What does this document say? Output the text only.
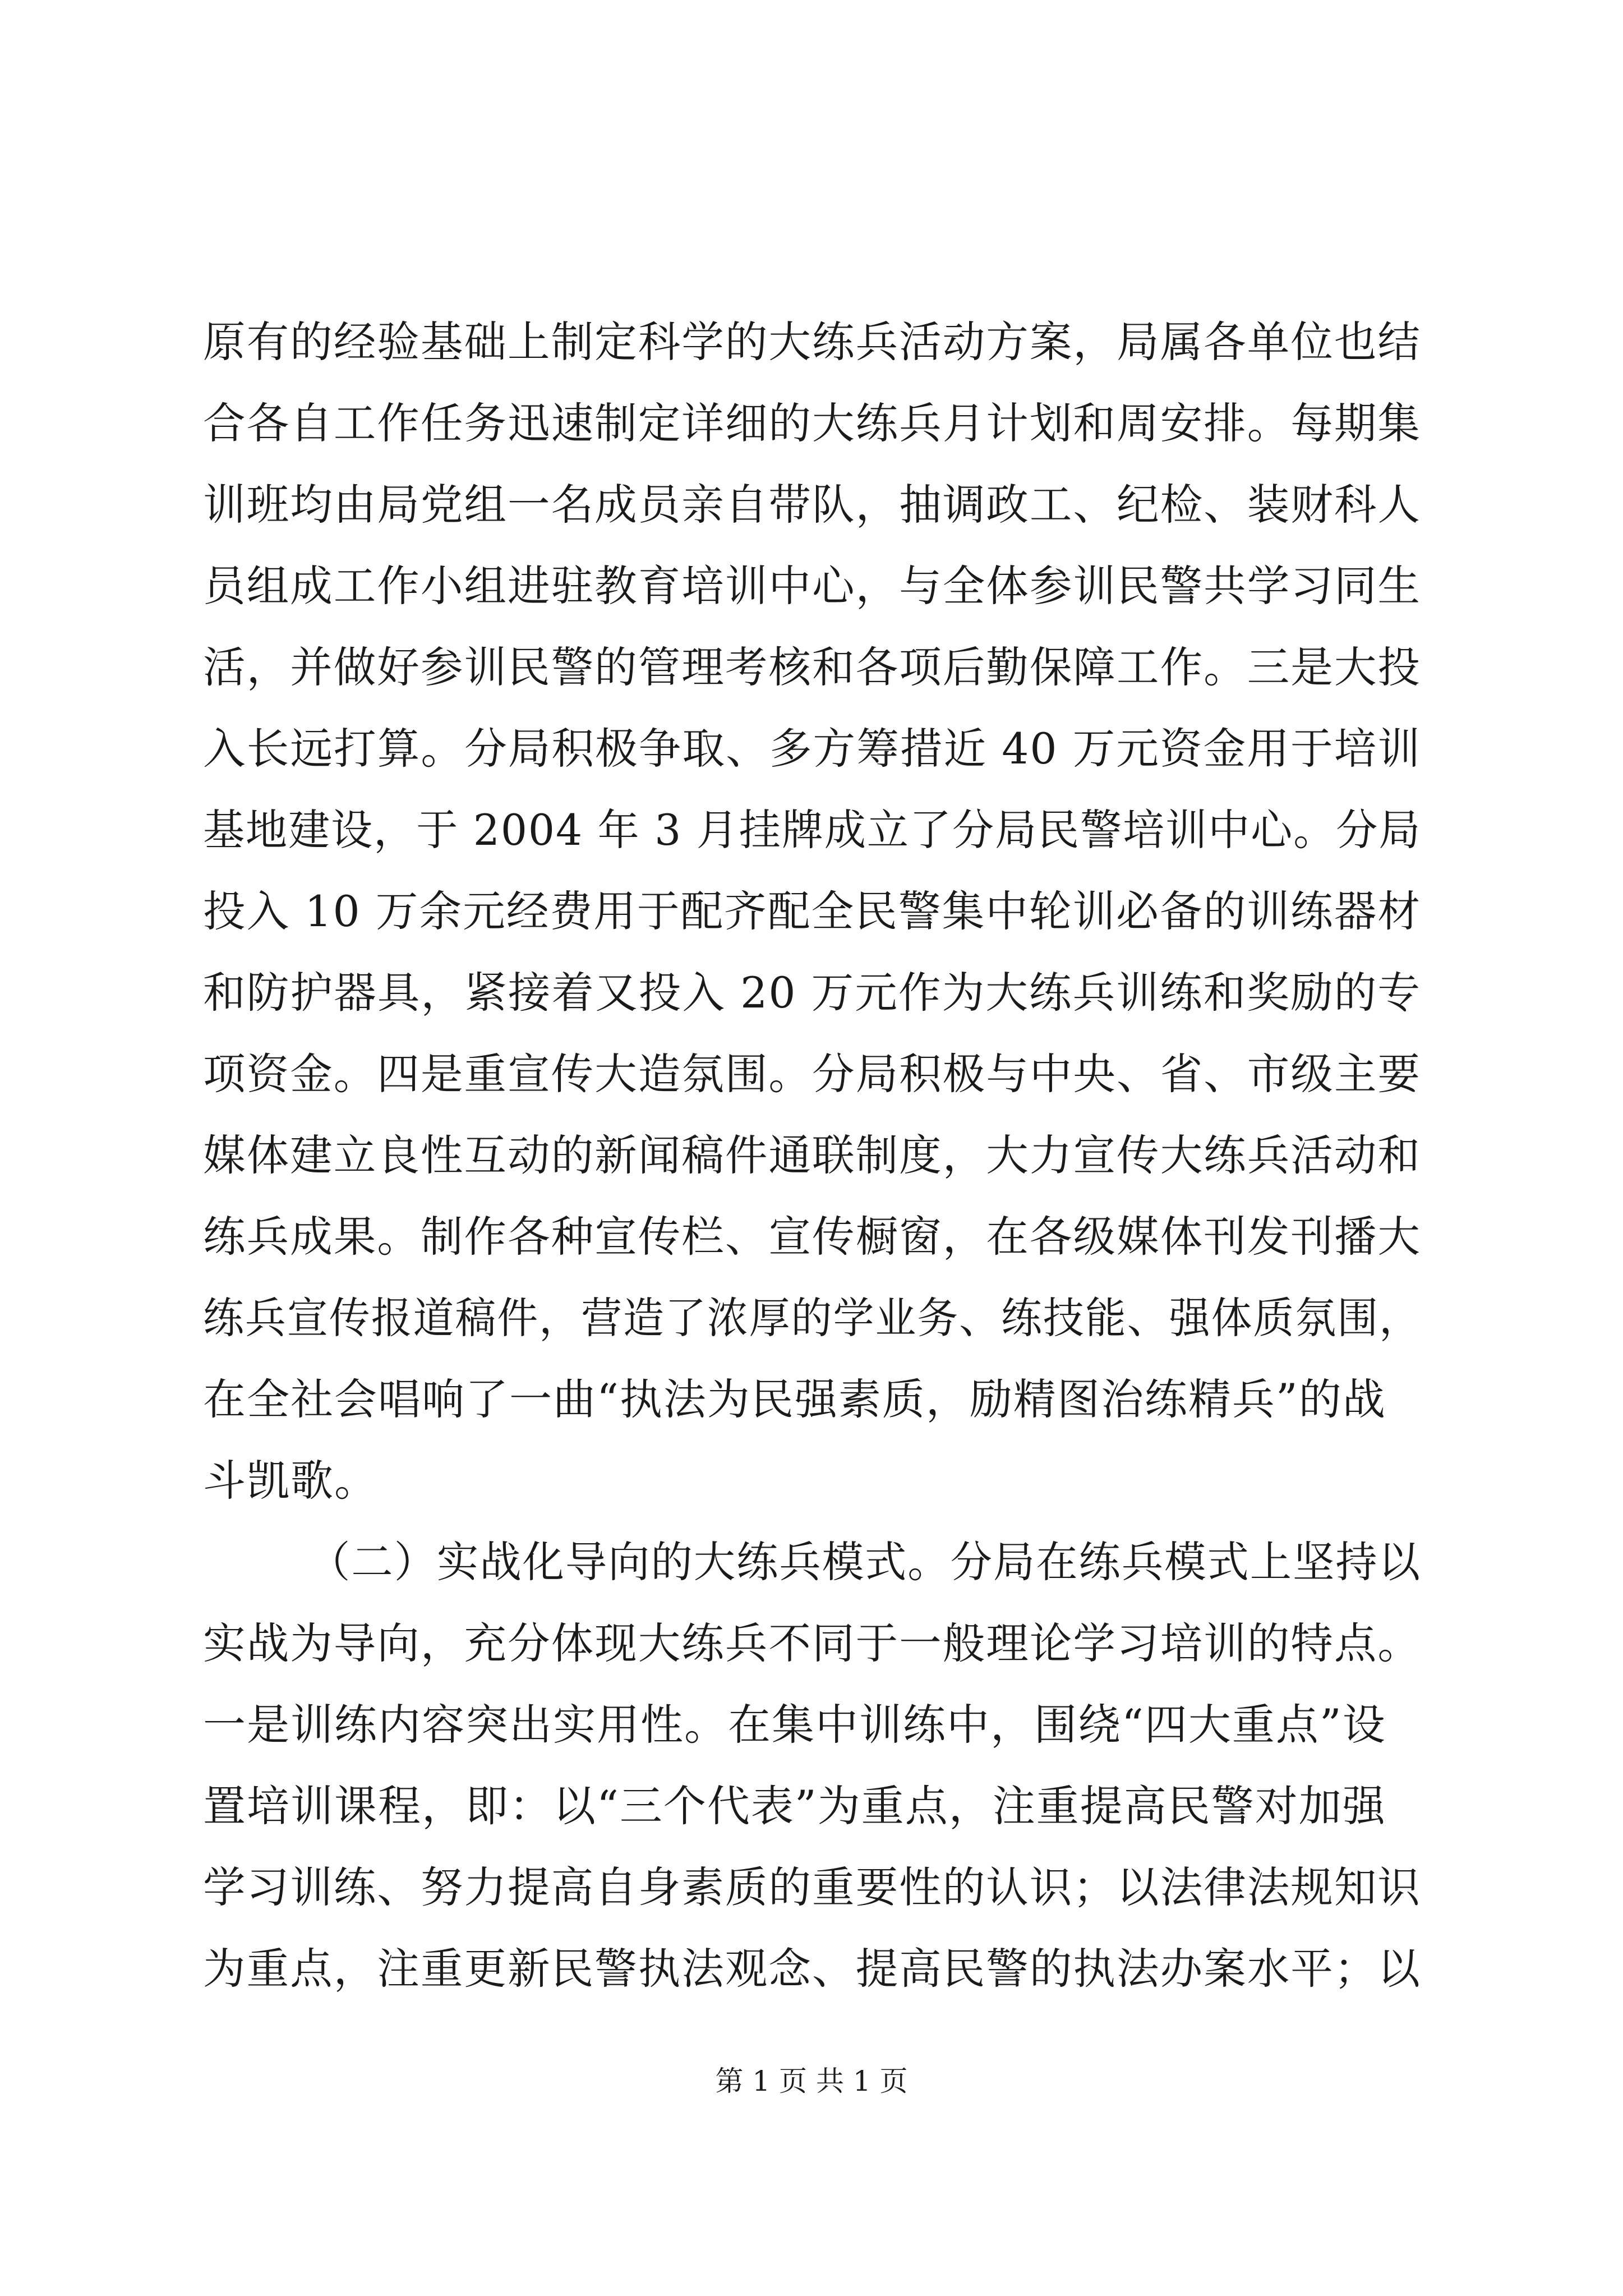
原有的经验基础上制定科学的大练兵活动方案，局属各单位也结
合各自工作任务迅速制定详细的大练兵月计划和周安排。每期集
训班均由局党组一名成员亲自带队，抽调政工、纪检、装财科人
员组成工作小组进驻教育培训中心，与全体参训民警共学习同生
活，并做好参训民警的管理考核和各项后勤保障工作。三是大投
入长远打算。分局积极争取、多方筹措近 40 万元资金用于培训
基地建设，于 2004 年 3 月挂牌成立了分局民警培训中心。分局
投入 10 万余元经费用于配齐配全民警集中轮训必备的训练器材
和防护器具，紧接着又投入 20 万元作为大练兵训练和奖励的专
项资金。四是重宣传大造氛围。分局积极与中央、省、市级主要
媒体建立良性互动的新闻稿件通联制度，大力宣传大练兵活动和
练兵成果。制作各种宣传栏、宣传橱窗，在各级媒体刊发刊播大
练兵宣传报道稿件，营造了浓厚的学业务、练技能、强体质氛围，
在全社会唱响了一曲“执法为民强素质，励精图治练精兵”的战
斗凯歌。
（二）实战化导向的大练兵模式。分局在练兵模式上坚持以
实战为导向，充分体现大练兵不同于一般理论学习培训的特点。
一是训练内容突出实用性。在集中训练中，围绕“四大重点”设
置培训课程，即：以“三个代表”为重点，注重提高民警对加强
学习训练、努力提高自身素质的重要性的认识；以法律法规知识
为重点，注重更新民警执法观念、提高民警的执法办案水平；以
第 1 页 共 1 页
